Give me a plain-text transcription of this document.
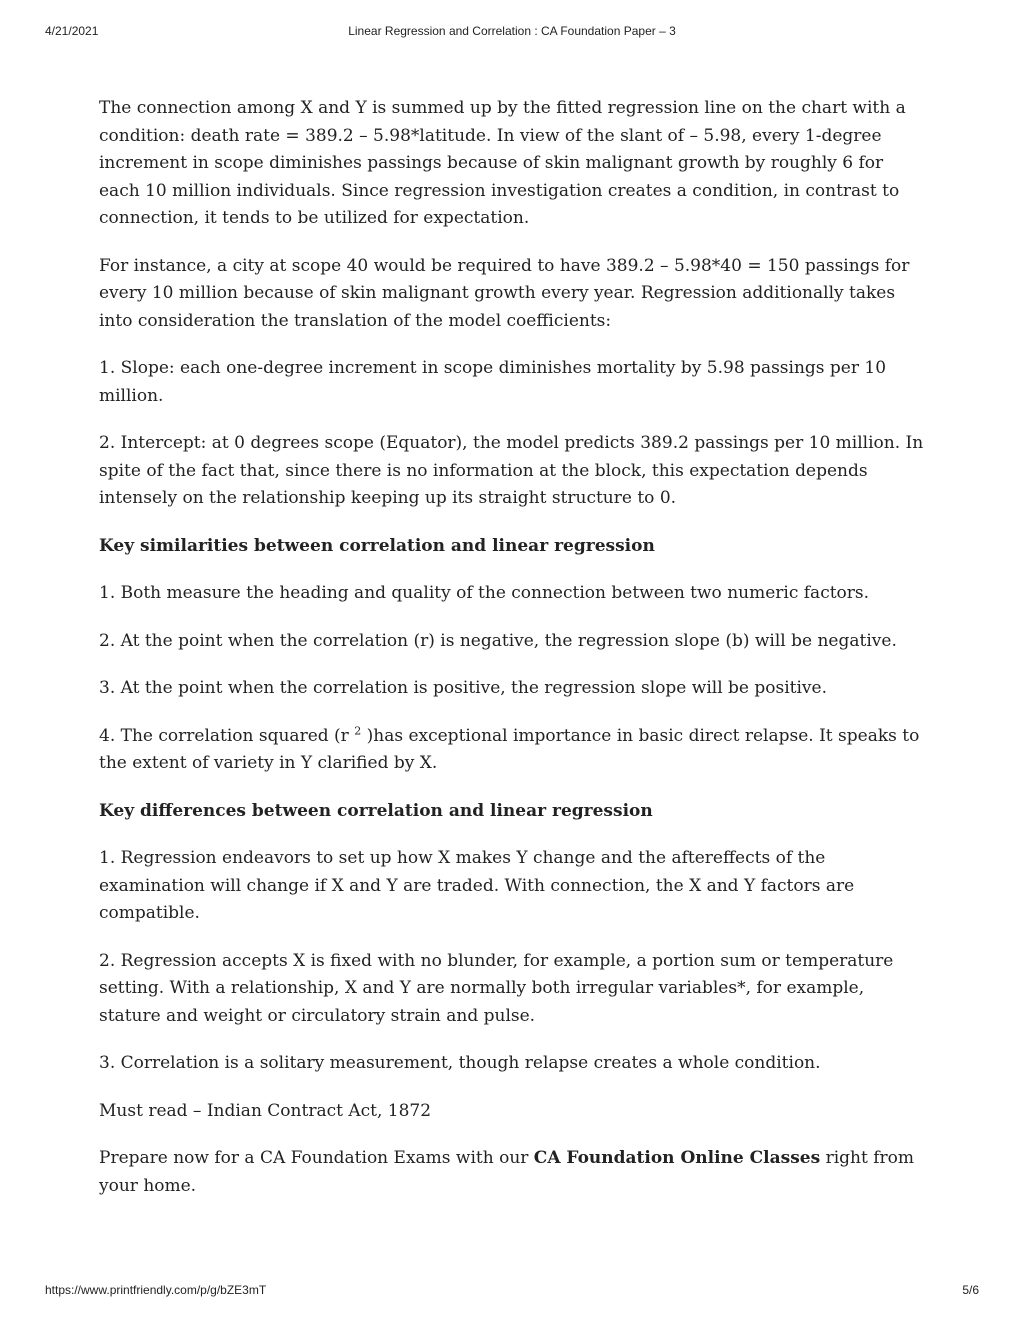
4/21/2021	Linear Regression and Correlation : CA Foundation Paper – 3

The connection among X and Y is summed up by the fitted regression line on the chart with a condition: death rate = 389.2 – 5.98*latitude. In view of the slant of – 5.98, every 1-degree increment in scope diminishes passings because of skin malignant growth by roughly 6 for each 10 million individuals. Since regression investigation creates a condition, in contrast to connection, it tends to be utilized for expectation.

For instance, a city at scope 40 would be required to have 389.2 – 5.98*40 = 150 passings for every 10 million because of skin malignant growth every year. Regression additionally takes into consideration the translation of the model coefficients:

1. Slope: each one-degree increment in scope diminishes mortality by 5.98 passings per 10 million.

2. Intercept: at 0 degrees scope (Equator), the model predicts 389.2 passings per 10 million. In spite of the fact that, since there is no information at the block, this expectation depends intensely on the relationship keeping up its straight structure to 0.

Key similarities between correlation and linear regression

1. Both measure the heading and quality of the connection between two numeric factors.

2. At the point when the correlation (r) is negative, the regression slope (b) will be negative.

3. At the point when the correlation is positive, the regression slope will be positive.

4. The correlation squared (r $^2$ )has exceptional importance in basic direct relapse. It speaks to the extent of variety in Y clarified by X.

Key differences between correlation and linear regression

1. Regression endeavors to set up how X makes Y change and the aftereffects of the examination will change if X and Y are traded. With connection, the X and Y factors are compatible.

2. Regression accepts X is fixed with no blunder, for example, a portion sum or temperature setting. With a relationship, X and Y are normally both irregular variables*, for example, stature and weight or circulatory strain and pulse.

3. Correlation is a solitary measurement, though relapse creates a whole condition.

Must read – Indian Contract Act, 1872

Prepare now for a CA Foundation Exams with our CA Foundation Online Classes right from your home.

https://www.printfriendly.com/p/g/bZE3mT	5/6
